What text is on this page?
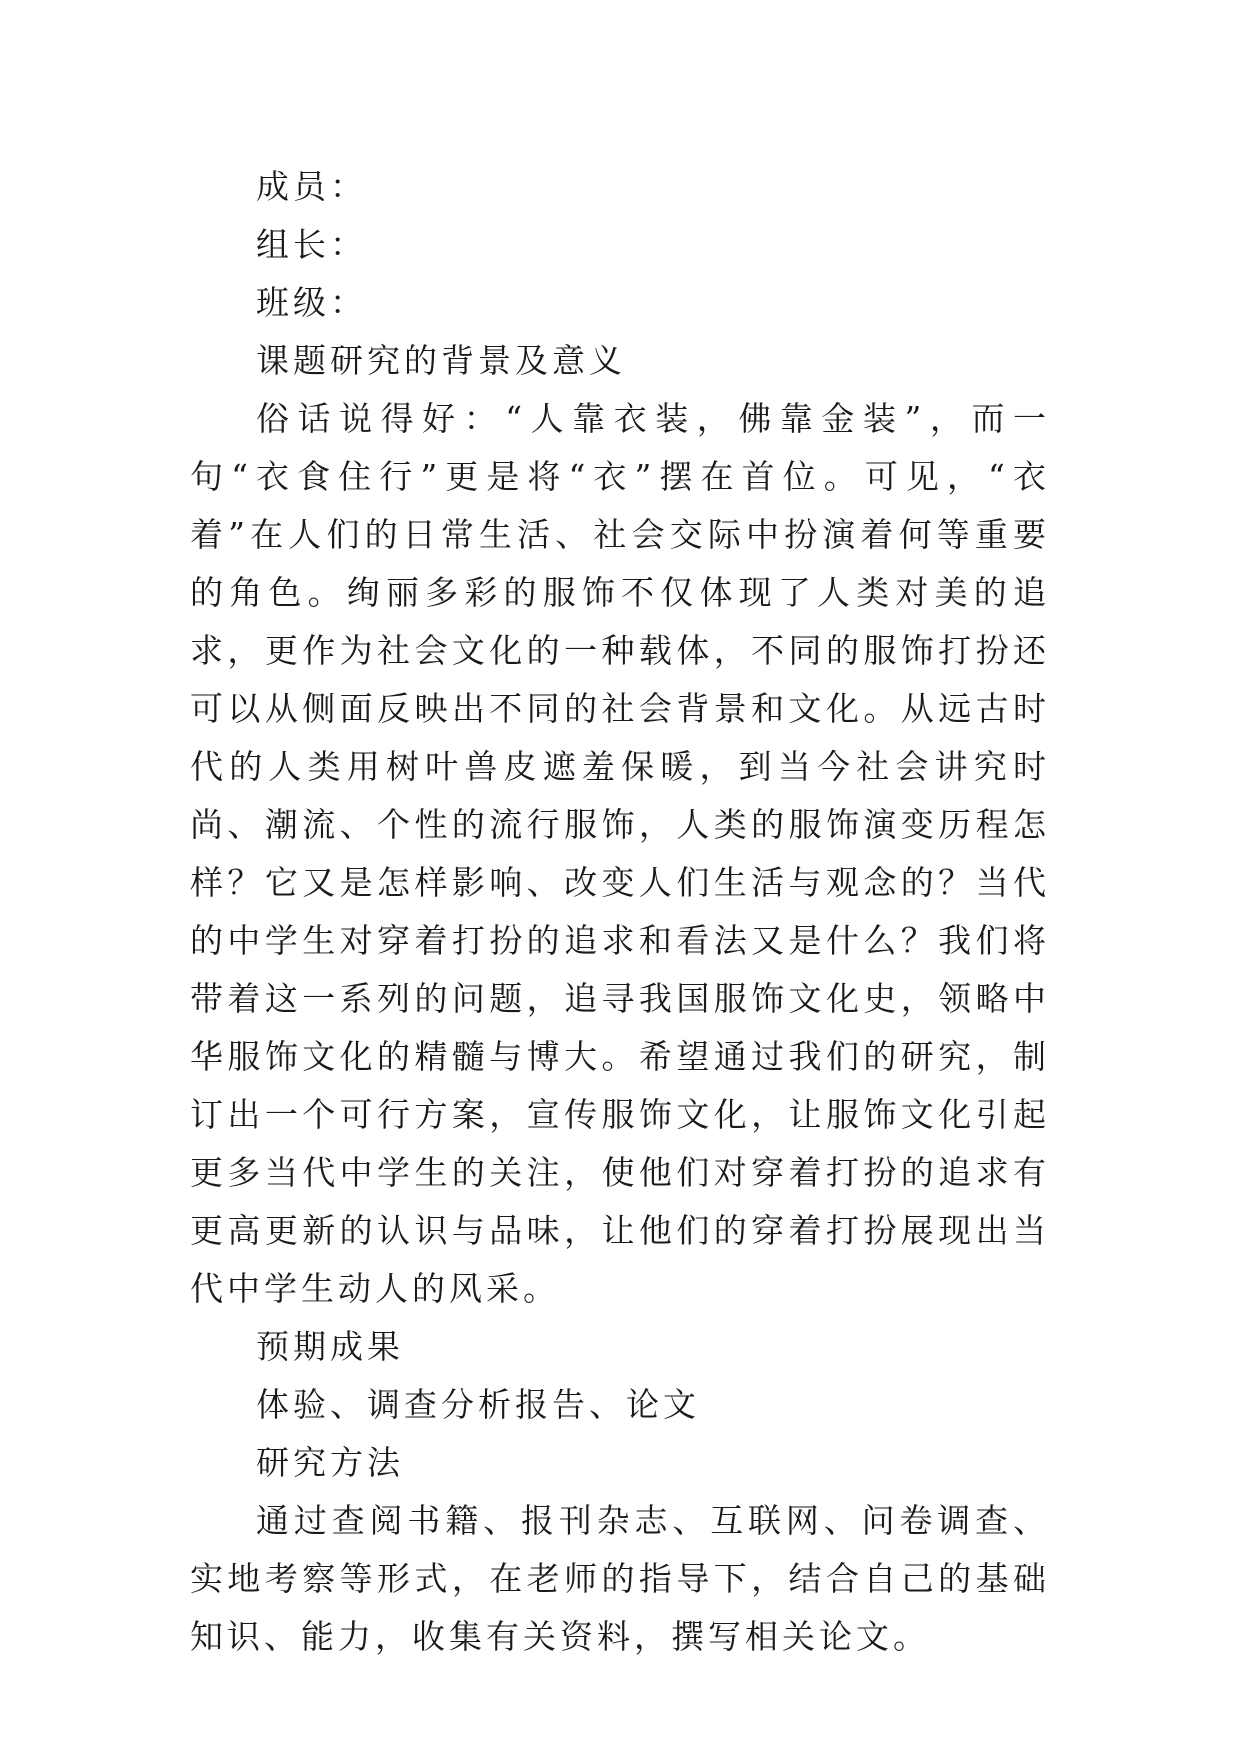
成员：

组长：

班级：

课题研究的背景及意义

俗话说得好：“人靠衣装，佛靠金装”，而一句“衣食住行”更是将“衣”摆在首位。可见，“衣着”在人们的日常生活、社会交际中扮演着何等重要的角色。绚丽多彩的服饰不仅体现了人类对美的追求，更作为社会文化的一种载体，不同的服饰打扮还可以从侧面反映出不同的社会背景和文化。从远古时代的人类用树叶兽皮遮羞保暖，到当今社会讲究时尚、潮流、个性的流行服饰，人类的服饰演变历程怎样？它又是怎样影响、改变人们生活与观念的？当代的中学生对穿着打扮的追求和看法又是什么？我们将带着这一系列的问题，追寻我国服饰文化史，领略中华服饰文化的精髓与博大。希望通过我们的研究，制订出一个可行方案，宣传服饰文化，让服饰文化引起更多当代中学生的关注，使他们对穿着打扮的追求有更高更新的认识与品味，让他们的穿着打扮展现出当代中学生动人的风采。

预期成果

体验、调查分析报告、论文

研究方法

通过查阅书籍、报刊杂志、互联网、问卷调查、实地考察等形式，在老师的指导下，结合自己的基础知识、能力，收集有关资料，撰写相关论文。
